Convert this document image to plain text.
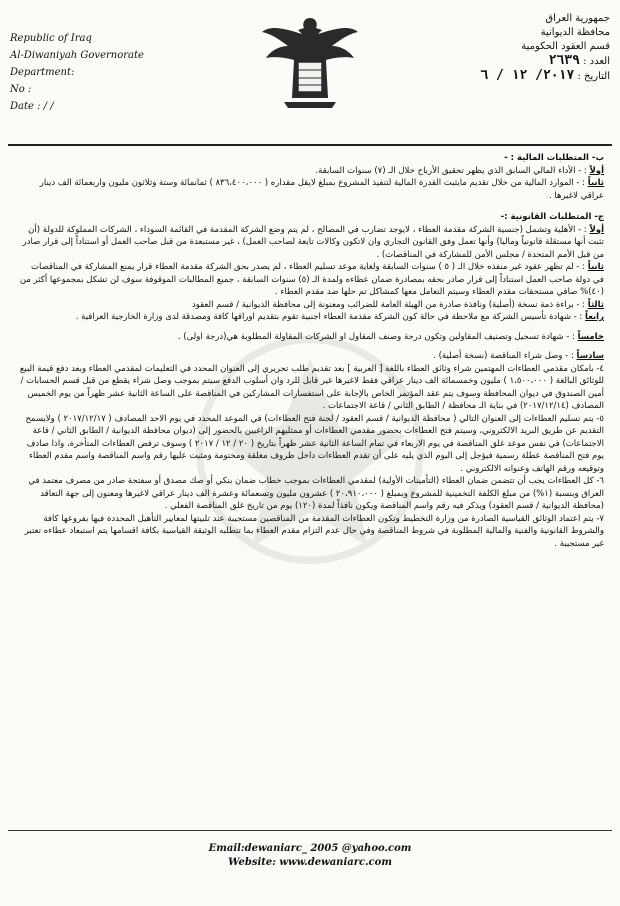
Republic of Iraq
Al-Diwaniyah Governorate
Department:
No :
Date : / /
جمهورية العراق
محافظة الديوانية
قسم العقود الحكومية
العدد : ٢٦٣٩
التاريخ : ٢٠١٧/ ١٢ / ٦

ب- المتطلبات المالية : -

أولاً : - الأداء المالي السابق الذي يظهر تحقيق الأرباح خلال الـ (٧) سنوات السابقة.

ثانياً : - الموارد المالية من خلال تقديم مايثبت القدرة المالية لتنفيذ المشروع بمبلغ لايقل مقداره ( ٨٣٦،٤٠٠،٠٠٠ ) ثمانمائة وستة وثلاثون مليون واربعمائة الف دينار عراقي لاغيرها .

ج- المتطلبات القانونية :-

أولاً : - الأهلية وتشمل (جنسية الشركة مقدمة العطاء ، لايوجد تضارب في المصالح ، لم يتم وضع الشركة المقدمة في القائمة السوداء ، الشركات المملوكة للدولة (أن تثبت أنها مستقلة قانونياً وماليا) وأنها تعمل وفق القانون التجاري وان لاتكون وكالات تابعة لصاحب العمل) ، غير مستبعدة من قبل صاحب العمل أو استناداً إلى قرار صادر من قبل الأمم المتحدة / مجلس الأمن للمشاركة في المناقصات) .

ثانياً : - لم تظهر عقود غير منفذه خلال الـ ( ٥ ) سنوات السابقة ولغاية موعد تسليم العطاء ، لم يصدر بحق الشركة مقدمة العطاء قرار يمنع المشاركة في المناقصات في دولة صاحب العمل استناداً إلى قرار صادر بحقه بمصادرة ضمان عطاءه ولمدة الـ (٥) سنوات السابقة ، جميع المطالبات الموقوفة سوف لن تشكل بمجموعها أكثر من (٤٠)% صافي مستحقات مقدم العطاء وسيتم التعامل معها كمشاكل تم حلها ضد مقدم العطاء .

ثالثاً : - براءة ذمة نسخة (أصلية) ونافذة صادرة من الهيئة العامة للضرائب ومعنونة إلى محافظة الديوانية / قسم العقود

رابعاً : - شهادة تأسيس الشركة مع ملاحظة في حالة كون الشركة مقدمة العطاء اجنبية تقوم بتقديم اوراقها كافة ومصدقة لدى وزارة الخارجية العراقية .

خامساً : - شهادة تسجيل وتصنيف المقاولين وتكون درجة وصنف المقاول او الشركات المقاولة المطلوبة هي(درجة اولى) .

سادساً : - وصل شراء المناقصة (نسخة أصلية) .

٤- بامكان مقدمي العطاءات المهتمين شراء وثائق العطاء باللغة [ العربية ] بعد تقديم طلب تحريري إلى العنوان المحدد في التعليمات لمقدمي العطاء وبعد دفع قيمة البيع للوثائق البالغة ( ١،٥٠٠،٠٠٠ ) مليون وخمسمائة الف دينار عراقي فقط لاغيرها غير قابل للرد وان أسلوب الدفع سيتم بموجب وصل شراء يقطع من قبل قسم الحسابات / أمين الصندوق في ديوان المحافظة وسوف يتم عقد المؤتمر الخاص بالإجابة على استفسارات المشاركين في المناقصة على الساعة الثانية عشر ظهراً من يوم الخميس المصادف (٢٠١٧/١٢/١٤) في بناية الـ محافظة / الطابق الثاني / قاعة الاجتماعات .

٥- يتم تسليم العطاءات إلى العنوان التالي ( محافظة الديوانية / قسم العقود / لجنة فتح العطاءات) في الموعد المحدد في يوم الاحد المصادف ( ٢٠١٧/١٢/١٧ ) ولايسمح التقديم عن طريق البريد الالكتروني، وسيتم فتح العطاءات بحضور مقدمي العطاءات أو ممثليهم الراغبين بالحضور إلى (ديوان محافظة الديوانية / الطابق الثاني / قاعة الاجتماعات) في نفس موعد غلق المناقصة في يوم الاربعاء في تمام الساعة الثانية عشر ظهراً بتاريخ ( ٢٠ / ١٢ / ٢٠١٧ ) وسوف ترفض العطاءات المتأخرة، واذا صادف يوم فتح المناقصة عطلة رسمية فيؤجل إلى اليوم الذي يليه على أن تقدم العطاءات داخل ظروف مغلقة ومختومة ومثبت عليها رقم واسم المناقصة واسم مقدم العطاء وتوقيعه ورقم الهاتف وعنوانه الالكتروني .

٦- كل العطاءات يجب أن تتضمن ضمان العطاء (التأمينات الأولية) لمقدمي العطاءات بموجب خطاب ضمان بنكي أو صك مصدق أو سفتجة صادر من مصرف معتمد في العراق وبنسبة (١%) من مبلغ الكلفة التخمينية للمشروع وبمبلغ ( ٢٠،٩١٠،٠٠٠ ) عشرون مليون وتسعمائة وعشرة الف دينار عراقي لاغيرها ومعنون إلى جهة التعاقد (محافظة الديوانية / قسم العقود) ويذكر فيه رقم واسم المناقصة ويكون نافذاً لمدة (١٢٠) يوم من تاريخ غلق المناقصة الفعلي .

٧- يتم اعتماد الوثائق القياسية الصادرة من وزارة التخطيط وتكون العطاءات المقدمة من المناقصين مستجيبة عند تلبيتها لمعايير التأهيل المحددة فيها بفروعها كافة والشروط القانونية والفنية والمالية المطلوبة في شروط المناقصة وفي حال عدم التزام مقدم العطاء بما تتطلبه الوثيقة القياسية بكافة اقسامها يتم استبعاد عطاءه تعتبر غير مستجيبة .

Email:dewaniarc_ 2005 @yahoo.com
Website: www.dewaniarc.com
